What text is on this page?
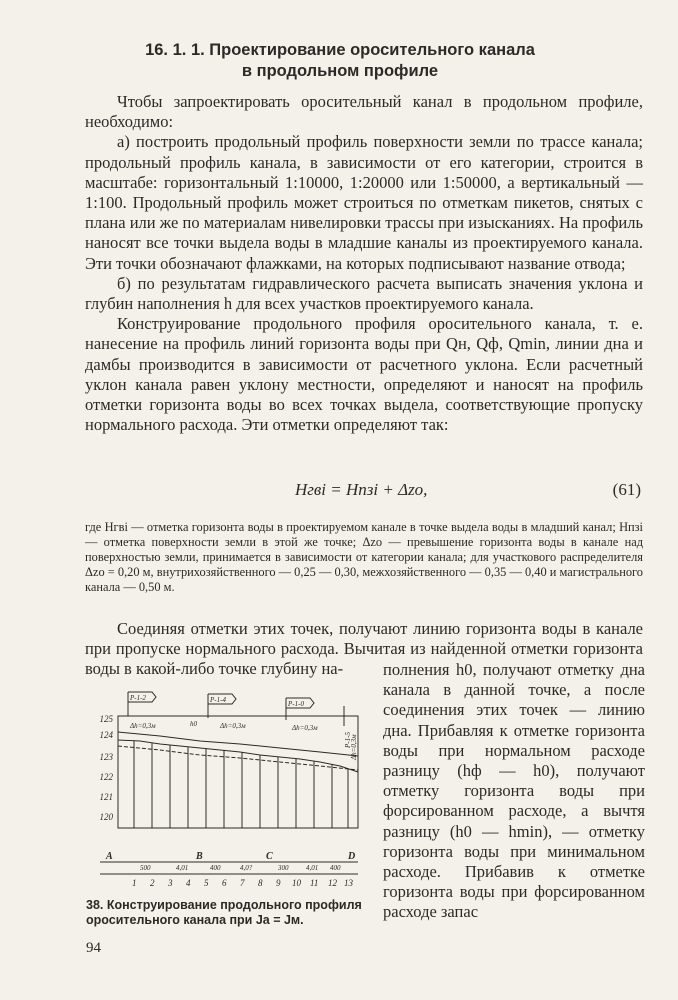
16. 1. 1. Проектирование оросительного канала
в продольном профиле

Чтобы запроектировать оросительный канал в продольном профиле, необходимо:

а) построить продольный профиль поверхности земли по трассе канала; продольный профиль канала, в зависимости от его категории, строится в масштабе: горизонтальный 1:10000, 1:20000 или 1:50000, а вертикальный — 1:100. Продольный профиль может строиться по отметкам пикетов, снятых с плана или же по материалам нивелировки трассы при изысканиях. На профиль наносят все точки выдела воды в младшие каналы из проектируемого канала. Эти точки обозначают флажками, на которых подписывают название отвода;

б) по результатам гидравлического расчета выписать значения уклона и глубин наполнения h для всех участков проектируемого канала.

Конструирование продольного профиля оросительного канала, т. е. нанесение на профиль линий горизонта воды при Qн, Qф, Qmin, линии дна и дамбы производится в зависимости от расчетного уклона. Если расчетный уклон канала равен уклону местности, определяют и наносят на профиль отметки горизонта воды во всех точках выдела, соответствующие пропуску нормального расхода. Эти отметки определяют так:

Hгвi = Hпзi + Δzo,	(61)

где Hгвi — отметка горизонта воды в проектируемом канале в точке выдела воды в младший канал; Hпзi — отметка поверхности земли в этой же точке; Δzo — превышение горизонта воды в канале над поверхностью земли, принимается в зависимости от категории канала; для участкового распределителя Δzo = 0,20 м, внутрихозяйственного — 0,25 — 0,30, межхозяйственного — 0,35 — 0,40 и магистрального канала — 0,50 м.

Соединяя отметки этих точек, получают линию горизонта воды в канале при пропуске нормального расхода. Вычитая из найденной отметки горизонта воды в какой-либо точке глубину на-	полнения h0, получают отметку дна канала в данной точке, а после соединения этих точек — линию дна. Прибавляя к отметке горизонта воды при нормальном расходе разницу (hф — h0), получают отметку горизонта воды при форсированном расходе, а вычтя разницу (h0 — hmin), — отметку горизонта воды при минимальном расходе. Прибавив к отметке горизонта воды при форсированном расходе запас

125
124
123
122
121
120
Р-1-2	Р-1-4	Р-1-0
Р-1-5
Δh=0,3м	h0	Δh=0,3м	Δh=0,3м
Δh=0,3м
A	B	C	D
500	4,01	400	4,0?	300	4,01 400
1 2 3 4 5 6 7 8 9 10 11 12 13
38. Конструирование продольного профиля оросительного канала при Jа = Jм.
94
